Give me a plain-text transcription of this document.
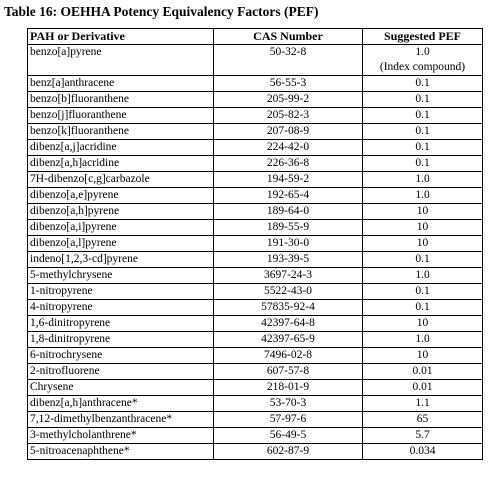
Table 16: OEHHA Potency Equivalency Factors (PEF)
PAH or Derivative	CAS Number	Suggested PEF
benzo[a]pyrene	50-32-8	1.0
(Index compound)

benz[a]anthracene	56-55-3	0.1

benzo[b]fluoranthene	205-99-2	0.1

benzo[j]fluoranthene	205-82-3	0.1

benzo[k]fluoranthene	207-08-9	0.1

dibenz[a,j]acridine	224-42-0	0.1

dibenz[a,h]acridine	226-36-8	0.1

7H-dibenzo[c,g]carbazole	194-59-2	1.0

dibenzo[a,e]pyrene	192-65-4	1.0

dibenzo[a,h]pyrene	189-64-0	10

dibenzo[a,i]pyrene	189-55-9	10

dibenzo[a,l]pyrene	191-30-0	10

indeno[1,2,3-cd]pyrene	193-39-5	0.1

5-methylchrysene	3697-24-3	1.0

1-nitropyrene	5522-43-0	0.1

4-nitropyrene	57835-92-4	0.1

1,6-dinitropyrene	42397-64-8	10

1,8-dinitropyrene	42397-65-9	1.0

6-nitrochrysene	7496-02-8	10

2-nitrofluorene	607-57-8	0.01

Chrysene	218-01-9	0.01

dibenz[a,h]anthracene*	53-70-3	1.1

7,12-dimethylbenzanthracene*	57-97-6	65

3-methylcholanthrene*	56-49-5	5.7

5-nitroacenaphthene*	602-87-9	0.034
